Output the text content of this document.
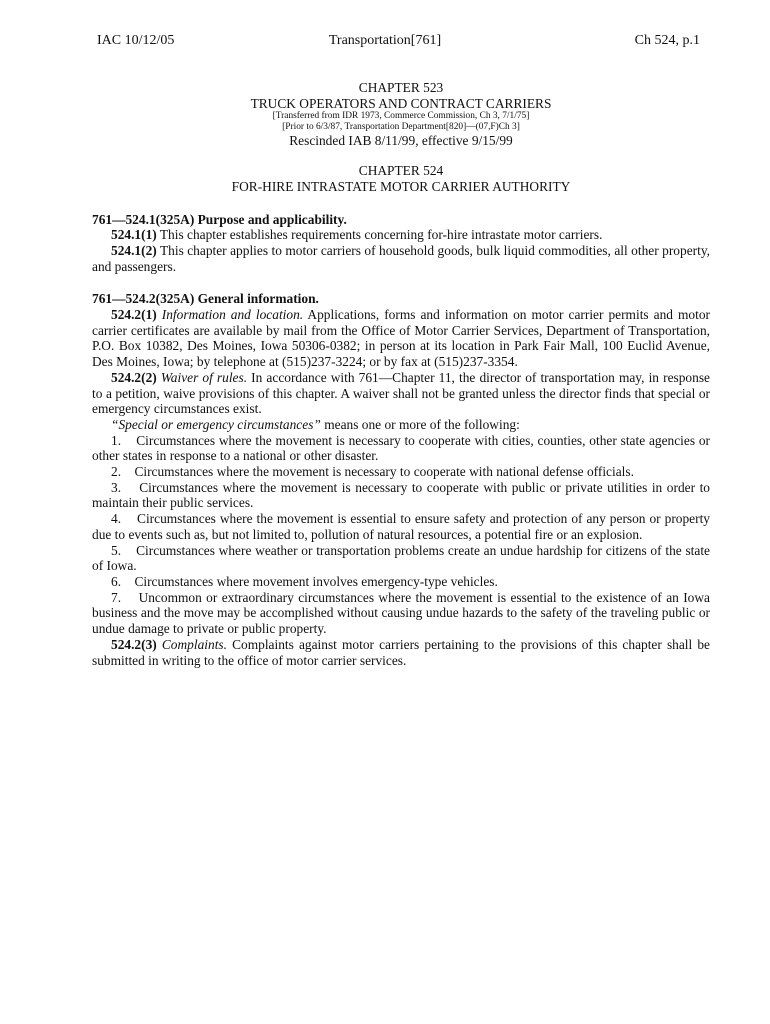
IAC 10/12/05	Transportation[761]	Ch 524, p.1
CHAPTER 523
TRUCK OPERATORS AND CONTRACT CARRIERS
[Transferred from IDR 1973, Commerce Commission, Ch 3, 7/1/75]
[Prior to 6/3/87, Transportation Department[820]—(07,F)Ch 3]
Rescinded IAB 8/11/99, effective 9/15/99
CHAPTER 524
FOR-HIRE INTRASTATE MOTOR CARRIER AUTHORITY

761—524.1(325A) Purpose and applicability.

524.1(1) This chapter establishes requirements concerning for-hire intrastate motor carriers.

524.1(2) This chapter applies to motor carriers of household goods, bulk liquid commodities, all other property, and passengers.

761—524.2(325A) General information.

524.2(1) Information and location. Applications, forms and information on motor carrier permits and motor carrier certificates are available by mail from the Office of Motor Carrier Services, Department of Transportation, P.O. Box 10382, Des Moines, Iowa 50306-0382; in person at its location in Park Fair Mall, 100 Euclid Avenue, Des Moines, Iowa; by telephone at (515)237-3224; or by fax at (515)237-3354.

524.2(2) Waiver of rules. In accordance with 761—Chapter 11, the director of transportation may, in response to a petition, waive provisions of this chapter. A waiver shall not be granted unless the director finds that special or emergency circumstances exist.

“Special or emergency circumstances” means one or more of the following:

1. Circumstances where the movement is necessary to cooperate with cities, counties, other state agencies or other states in response to a national or other disaster.

2. Circumstances where the movement is necessary to cooperate with national defense officials.

3. Circumstances where the movement is necessary to cooperate with public or private utilities in order to maintain their public services.

4. Circumstances where the movement is essential to ensure safety and protection of any person or property due to events such as, but not limited to, pollution of natural resources, a potential fire or an explosion.

5. Circumstances where weather or transportation problems create an undue hardship for citizens of the state of Iowa.

6. Circumstances where movement involves emergency-type vehicles.

7. Uncommon or extraordinary circumstances where the movement is essential to the existence of an Iowa business and the move may be accomplished without causing undue hazards to the safety of the traveling public or undue damage to private or public property.

524.2(3) Complaints. Complaints against motor carriers pertaining to the provisions of this chapter shall be submitted in writing to the office of motor carrier services.
